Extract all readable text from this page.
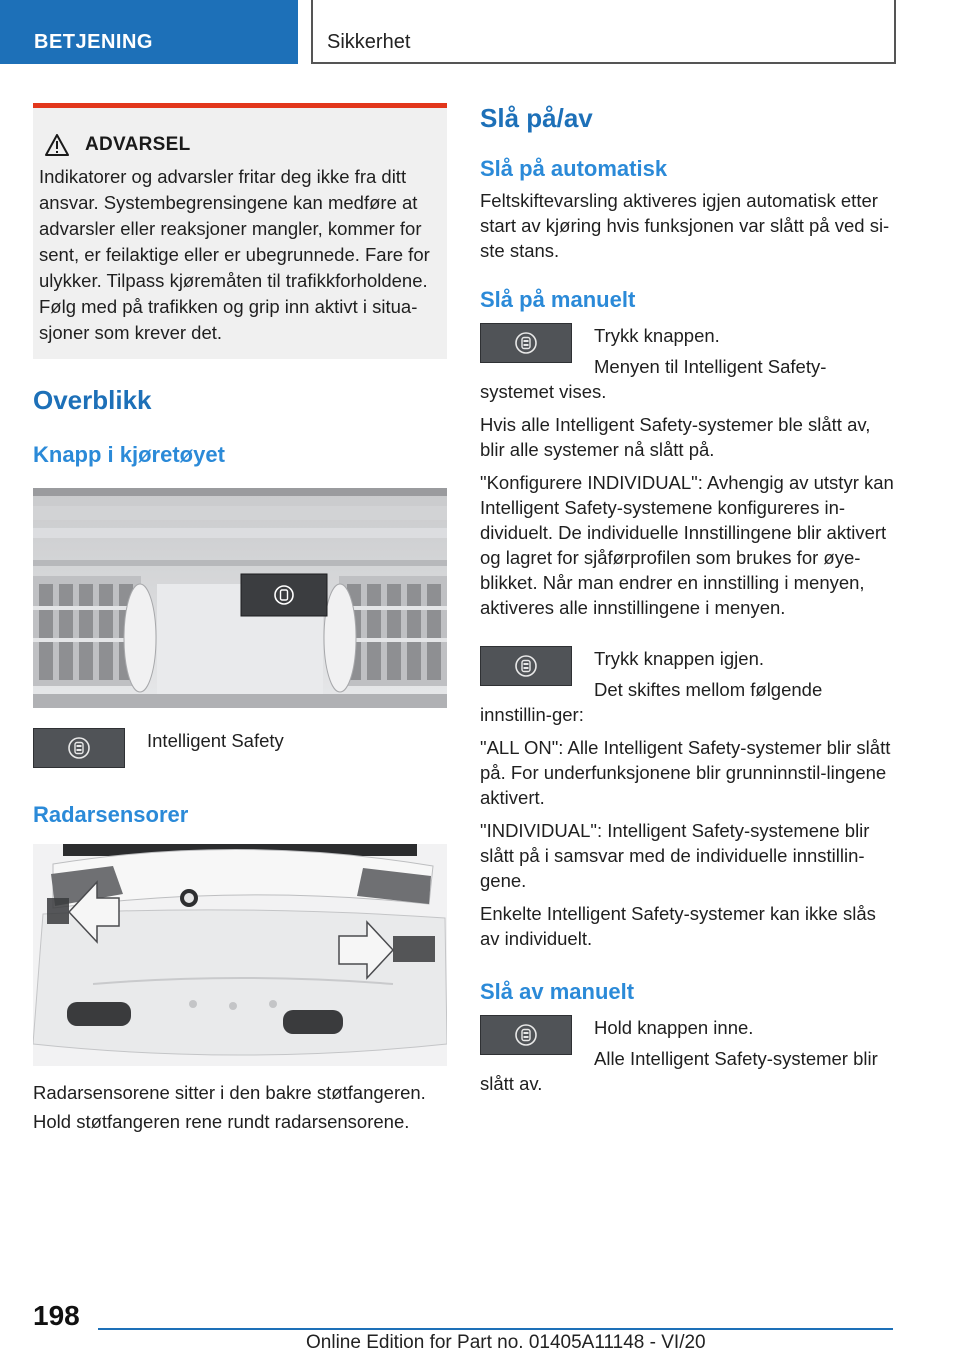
BETJENING	Sikkerhet
ADVARSEL

Indikatorer og advarsler fritar deg ikke fra ditt ansvar. Systembegrensingene kan medføre at advarsler eller reaksjoner mangler, kommer for sent, er feilaktige eller er ubegrunnede. Fare for ulykker. Tilpass kjøremåten til trafikkforholdene. Følg med på trafikken og grip inn aktivt i situa-sjoner som krever det.

Overblikk
Knapp i kjøretøyet

Intelligent Safety

Radarsensorer

Radarsensorene sitter i den bakre støtfangeren.

Hold støtfangeren rene rundt radarsensorene.

Slå på/av
Slå på automatisk

Feltskiftevarsling aktiveres igjen automatisk etter start av kjøring hvis funksjonen var slått på ved si-ste stans.

Slå på manuelt

Trykk knappen.

Menyen til Intelligent Safety-systemet vises.

Hvis alle Intelligent Safety-systemer ble slått av, blir alle systemer nå slått på.

"Konfigurere INDIVIDUAL": Avhengig av utstyr kan Intelligent Safety-systemene konfigureres in-dividuelt. De individuelle Innstillingene blir aktivert og lagret for sjåførprofilen som brukes for øye-blikket. Når man endrer en innstilling i menyen, aktiveres alle innstillingene i menyen.

Trykk knappen igjen.

Det skiftes mellom følgende innstillin-ger:

"ALL ON": Alle Intelligent Safety-systemer blir slått på. For underfunksjonene blir grunninnstil-lingene aktivert.

"INDIVIDUAL": Intelligent Safety-systemene blir slått på i samsvar med de individuelle innstillin-gene.

Enkelte Intelligent Safety-systemer kan ikke slås av individuelt.

Slå av manuelt

Hold knappen inne.

Alle Intelligent Safety-systemer blir slått av.

198
Online Edition for Part no. 01405A11148 - VI/20
